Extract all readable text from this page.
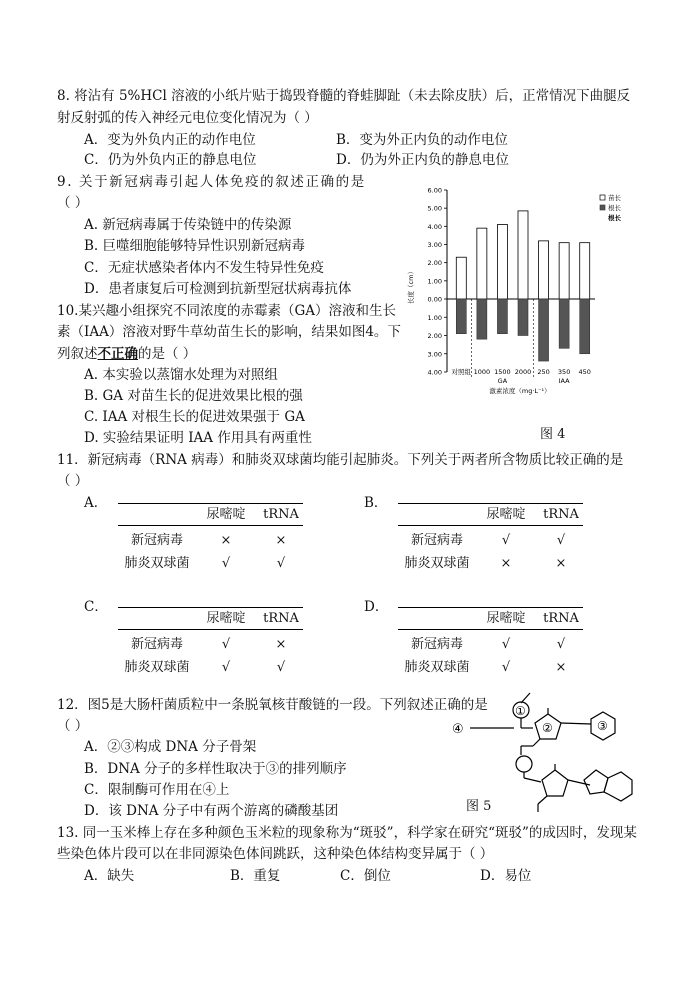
8. 将沾有 5%HCl 溶液的小纸片贴于捣毁脊髓的脊蛙脚趾（未去除皮肤）后，正常情况下曲腿反
射反射弧的传入神经元电位变化情况为（ ）
A．变为外负内正的动作电位	B．变为外正内负的动作电位
C．仍为外负内正的静息电位	D．仍为外正内负的静息电位
9. 关于新冠病毒引起人体免疫的叙述正确的是
（ ）
A. 新冠病毒属于传染链中的传染源
B. 巨噬细胞能够特异性识别新冠病毒
C．无症状感染者体内不发生特异性免疫
D．患者康复后可检测到抗新型冠状病毒抗体
10.某兴趣小组探究不同浓度的赤霉素（GA）溶液和生长
素（IAA）溶液对野牛草幼苗生长的影响，结果如图4。下
列叙述不正确的是（ ）
A. 本实验以蒸馏水处理为对照组
B. GA 对苗生长的促进效果比根的强
C. IAA 对根生长的促进效果强于 GA
D. 实验结果证明 IAA 作用具有两重性
6.00
5.00
4.00
3.00
2.00
1.00
0.00
1.00
2.00
3.00
4.00
长度（cm）
对照组 1000 1500 2000 250 350 450
GA	IAA
激素浓度（mg·L⁻¹）
苗长
根长
根长
图 4
11．新冠病毒（RNA 病毒）和肺炎双球菌均能引起肺炎。下列关于两者所含物质比较正确的是
（ ）
A．
尿嘧啶	tRNA
新冠病毒	×	×
肺炎双球菌	√	√
B．
尿嘧啶	tRNA
新冠病毒	√	√
肺炎双球菌	×	×
C．
尿嘧啶	tRNA
新冠病毒	√	×
肺炎双球菌	√	√
D．
尿嘧啶	tRNA
新冠病毒	√	√
肺炎双球菌	√	×
12．图5是大肠杆菌质粒中一条脱氧核苷酸链的一段。下列叙述正确的是
（ ）
A．②③构成 DNA 分子骨架
B．DNA 分子的多样性取决于③的排列顺序
C．限制酶可作用在④上
D．该 DNA 分子中有两个游离的磷酸基团
④
①
②	③
图 5
13. 同一玉米棒上存在多种颜色玉米粒的现象称为“斑驳”，科学家在研究“斑驳”的成因时，发现某
些染色体片段可以在非同源染色体间跳跃，这种染色体结构变异属于（ ）
A．缺失	B．重复	C．倒位	D．易位
